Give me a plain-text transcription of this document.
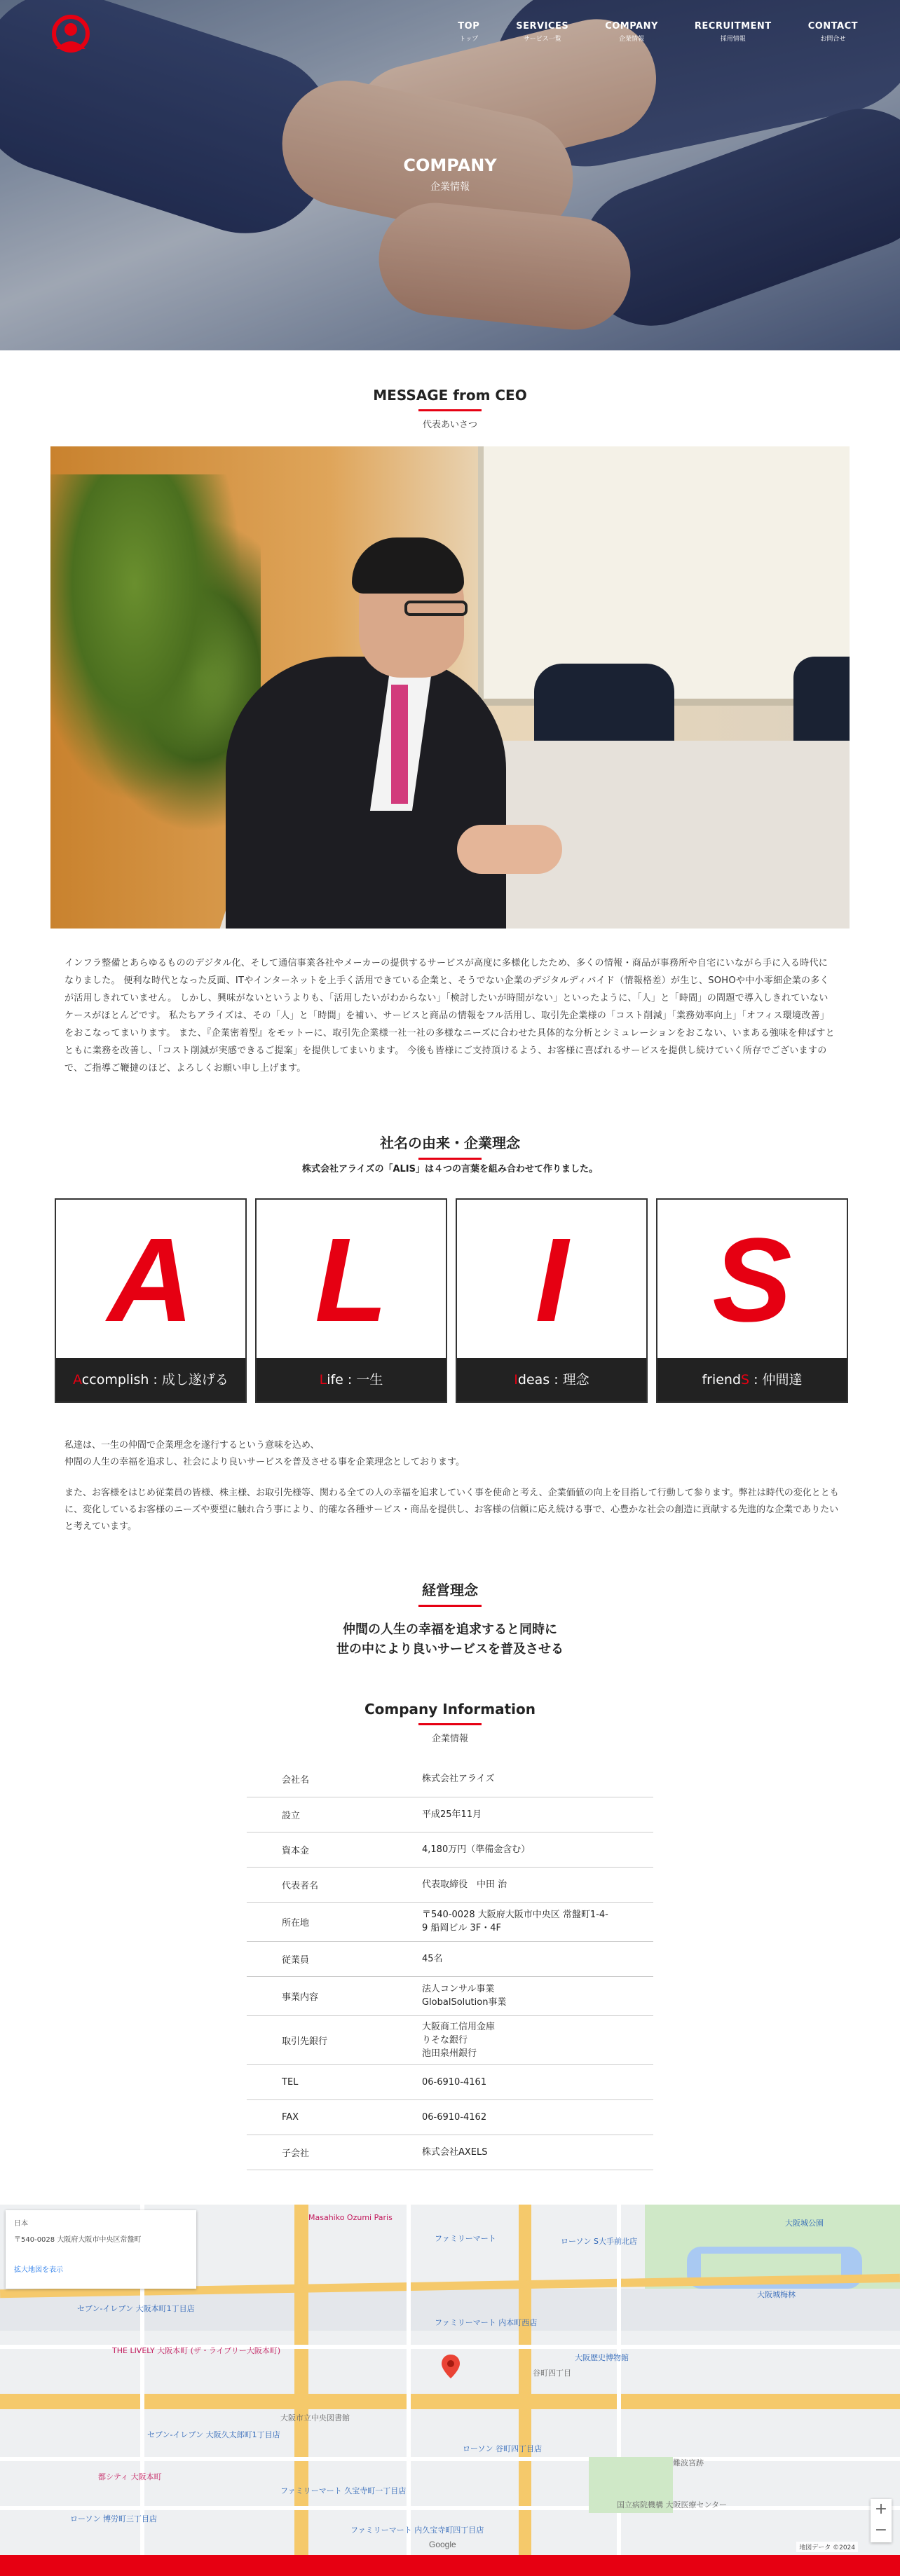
TOP
トップ
SERVICES
サービス一覧
COMPANY
企業情報
RECRUITMENT
採用情報
CONTACT
お問合せ
COMPANY
企業情報
MESSAGE from CEO
代表あいさつ

インフラ整備とあらゆるもののデジタル化、そして通信事業各社やメーカーの提供するサービスが高度に多様化したため、多くの情報・商品が事務所や自宅にいながら手に入る時代になりました。 便利な時代となった反面、ITやインターネットを上手く活用できている企業と、そうでない企業のデジタルディバイド（情報格差）が生じ、SOHOや中小零細企業の多くが活用しきれていません。 しかし、興味がないというよりも、「活用したいがわからない」「検討したいが時間がない」といったように、「人」と「時間」の問題で導入しきれていないケースがほとんどです。 私たちアライズは、その「人」と「時間」を補い、サービスと商品の情報をフル活用し、取引先企業様の「コスト削減」「業務効率向上」「オフィス環境改善」をおこなってまいります。 また、『企業密着型』をモットーに、取引先企業様一社一社の多様なニーズに合わせた具体的な分析とシミュレーションをおこない、いまある強味を伸ばすとともに業務を改善し、「コスト削減が実感できるご提案」を提供してまいります。 今後も皆様にご支持頂けるよう、お客様に喜ばれるサービスを提供し続けていく所存でございますので、ご指導ご鞭撻のほど、よろしくお願い申し上げます。

社名の由来・企業理念
株式会社アライズの「ALIS」は４つの言葉を組み合わせて作りました。
A
Accomplish : 成し遂げる
L
Life : 一生
I
Ideas : 理念
S
friendS : 仲間達

私達は、一生の仲間で企業理念を遂行するという意味を込め、
仲間の人生の幸福を追求し、社会により良いサービスを普及させる事を企業理念としております。

また、お客様をはじめ従業員の皆様、株主様、お取引先様等、関わる全ての人の幸福を追求していく事を使命と考え、企業価値の向上を目指して行動して参ります。弊社は時代の変化とともに、変化しているお客様のニーズや要望に触れ合う事により、的確な各種サービス・商品を提供し、お客様の信頼に応え続ける事で、心豊かな社会の創造に貢献する先進的な企業でありたいと考えています。

経営理念
仲間の人生の幸福を追求すると同時に
世の中により良いサービスを普及させる
Company Information
企業情報
会社名	株式会社アライズ
設立	平成25年11月
資本金	4,180万円（準備金含む）
代表者名	代表取締役　中田 治
所在地	〒540-0028 大阪府大阪市中央区 常盤町1-4-
9 船岡ビル 3F・4F
従業員	45名
事業内容	法人コンサル事業
GlobalSolution事業
取引先銀行	大阪商工信用金庫
りそな銀行
池田泉州銀行
TEL	06-6910-4161
FAX	06-6910-4162
子会社	株式会社AXELS
Masahiko Ozumi Paris
ファミリーマート
大阪城公園
大阪城梅林
ローソン S大手前北店
セブン-イレブン 大阪本町1丁目店
THE LIVELY 大阪本町 (ザ・ライブリー大阪本町)
ファミリーマート 内本町西店
大阪歴史博物館
難波宮跡
谷町四丁目
ローソン 谷町四丁目店
ファミリーマート 久宝寺町一丁目店
大阪市立中央図書館
都シティ 大阪本町
セブン-イレブン 大阪久太郎町1丁目店
国立病院機構 大阪医療センター
ローソン 博労町三丁目店
ファミリーマート 内久宝寺町四丁目店
日本
〒540-0028 大阪府大阪市中央区常盤町
拡大地図を表示
+
−
Google	地図データ ©2024
